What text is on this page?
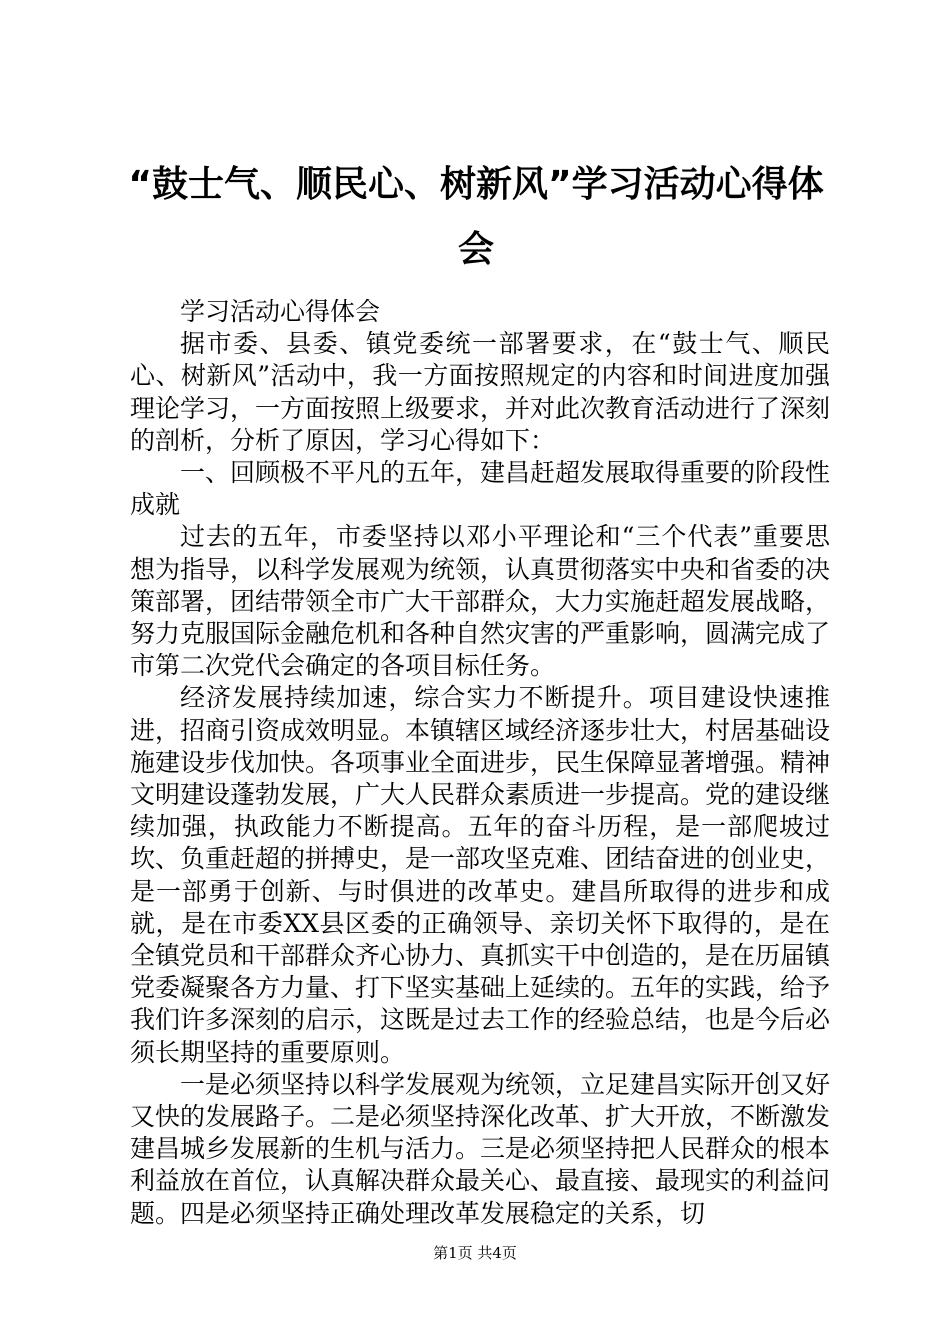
“鼓士气、顺民心、树新风”学习活动心得体会

学习活动心得体会

据市委、县委、镇党委统一部署要求，在“鼓士气、顺民心、树新风”活动中，我一方面按照规定的内容和时间进度加强理论学习，一方面按照上级要求，并对此次教育活动进行了深刻的剖析，分析了原因，学习心得如下：

一、回顾极不平凡的五年，建昌赶超发展取得重要的阶段性成就

过去的五年，市委坚持以邓小平理论和“三个代表”重要思想为指导，以科学发展观为统领，认真贯彻落实中央和省委的决策部署，团结带领全市广大干部群众，大力实施赶超发展战略，努力克服国际金融危机和各种自然灾害的严重影响，圆满完成了市第二次党代会确定的各项目标任务。

经济发展持续加速，综合实力不断提升。项目建设快速推进，招商引资成效明显。本镇辖区域经济逐步壮大，村居基础设施建设步伐加快。各项事业全面进步，民生保障显著增强。精神文明建设蓬勃发展，广大人民群众素质进一步提高。党的建设继续加强，执政能力不断提高。五年的奋斗历程，是一部爬坡过坎、负重赶超的拼搏史，是一部攻坚克难、团结奋进的创业史，是一部勇于创新、与时俱进的改革史。建昌所取得的进步和成就，是在市委XX县区委的正确领导、亲切关怀下取得的，是在全镇党员和干部群众齐心协力、真抓实干中创造的，是在历届镇党委凝聚各方力量、打下坚实基础上延续的。五年的实践，给予我们许多深刻的启示，这既是过去工作的经验总结，也是今后必须长期坚持的重要原则。

一是必须坚持以科学发展观为统领，立足建昌实际开创又好又快的发展路子。二是必须坚持深化改革、扩大开放，不断激发建昌城乡发展新的生机与活力。三是必须坚持把人民群众的根本利益放在首位，认真解决群众最关心、最直接、最现实的利益问题。四是必须坚持正确处理改革发展稳定的关系，切

第1页 共4页
